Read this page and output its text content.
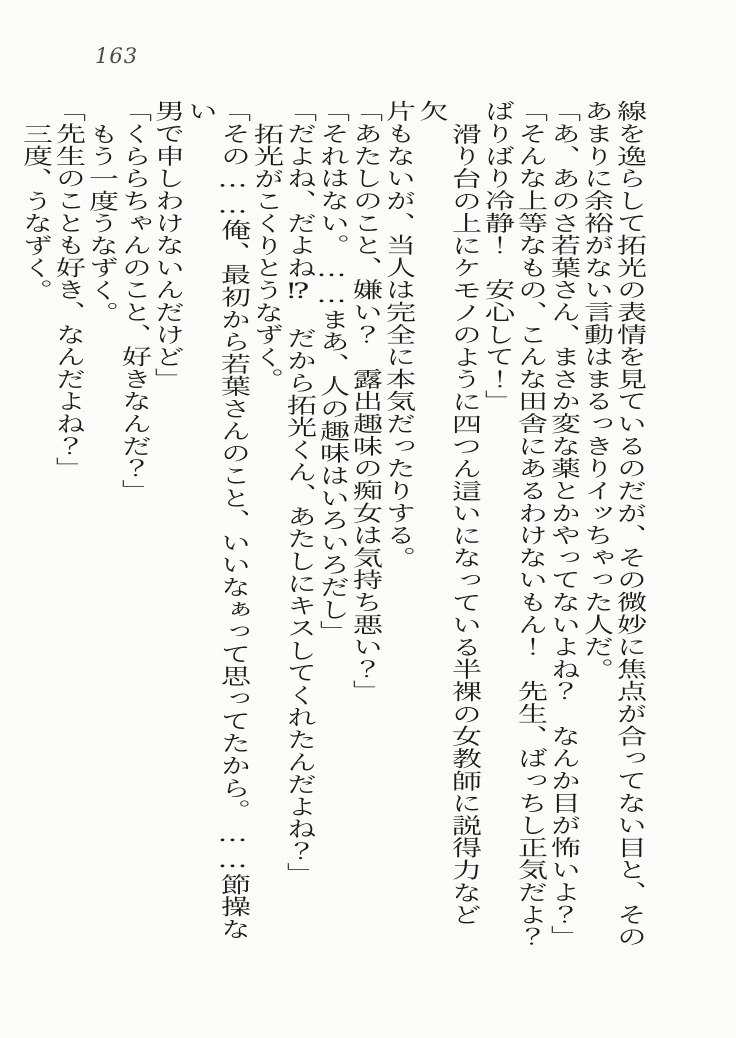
163
線を逸らして拓光の表情を見ているのだが、その微妙に焦点が合ってない目と、その
あまりに余裕がない言動はまるっきりイッちゃった人だ。
「あ、あのさ若葉さん、まさか変な薬とかやってないよね？　なんか目が怖いよ？」
「そんな上等なもの、こんな田舎にあるわけないもん！　先生、ばっちし正気だよ？
ばりばり冷静！　安心して！」
滑り台の上にケモノのように四つん這いになっている半裸の女教師に説得力など欠
片もないが、当人は完全に本気だったりする。
「あたしのこと、嫌い？　露出趣味の痴女は気持ち悪い？」
「それはない。……まあ、人の趣味はいろいろだし」
「だよね、だよね⁉　だから拓光くん、あたしにキスしてくれたんだよね？」
拓光がこくりとうなずく。
「その……俺、最初から若葉さんのこと、いいなぁって思ってたから。……節操ない
男で申しわけないんだけど」
「くららちゃんのこと、好きなんだ？」
もう一度うなずく。
「先生のことも好き、なんだよね？」
三度、うなずく。
